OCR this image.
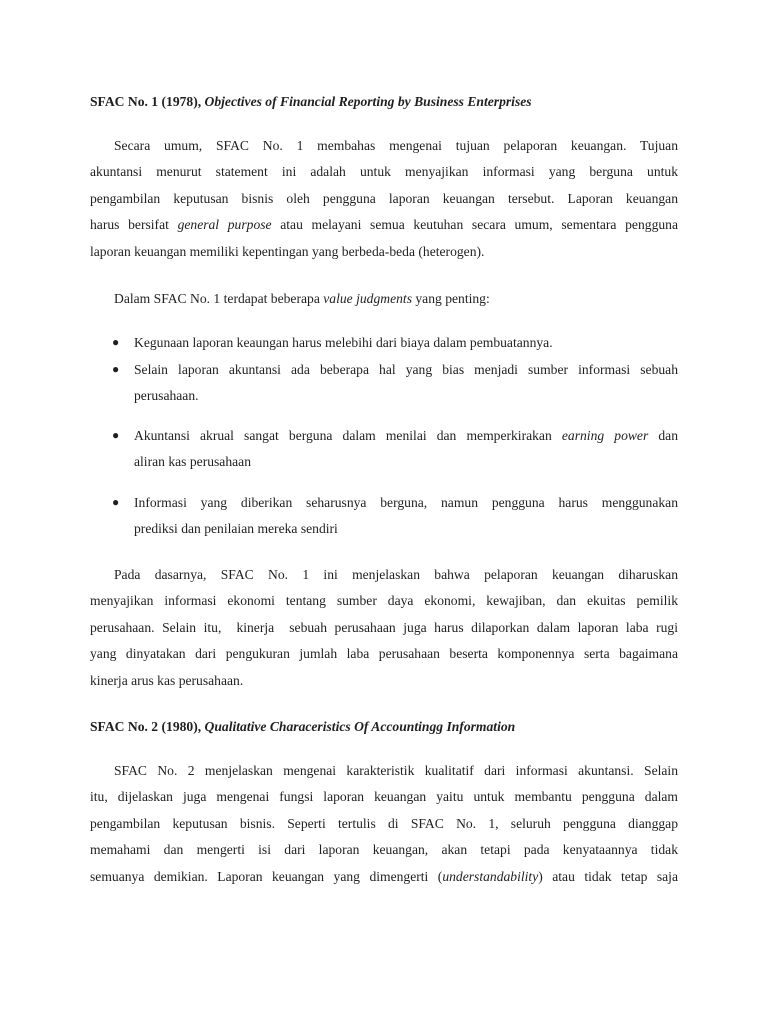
SFAC No. 1 (1978), Objectives of Financial Reporting by Business Enterprises
Secara umum, SFAC No. 1 membahas mengenai tujuan pelaporan keuangan. Tujuan
akuntansi menurut statement ini adalah untuk menyajikan informasi yang berguna untuk
pengambilan keputusan bisnis oleh pengguna laporan keuangan tersebut. Laporan keuangan
harus bersifat general purpose atau melayani semua keutuhan secara umum, sementara pengguna
laporan keuangan memiliki kepentingan yang berbeda-beda (heterogen).
Dalam SFAC No. 1 terdapat beberapa value judgments yang penting:
● Kegunaan laporan keaungan harus melebihi dari biaya dalam pembuatannya.
● Selain laporan akuntansi ada beberapa hal yang bias menjadi sumber informasi sebuah
perusahaan.
● Akuntansi akrual sangat berguna dalam menilai dan memperkirakan earning power dan
aliran kas perusahaan
● Informasi yang diberikan seharusnya berguna, namun pengguna harus menggunakan
prediksi dan penilaian mereka sendiri
Pada dasarnya, SFAC No. 1 ini menjelaskan bahwa pelaporan keuangan diharuskan
menyajikan informasi ekonomi tentang sumber daya ekonomi, kewajiban, dan ekuitas pemilik
perusahaan. Selain itu,  kinerja  sebuah perusahaan juga harus dilaporkan dalam laporan laba rugi
yang dinyatakan dari pengukuran jumlah laba perusahaan beserta komponennya serta bagaimana
kinerja arus kas perusahaan.
SFAC No. 2 (1980), Qualitative Characeristics Of Accountingg Information
SFAC No. 2 menjelaskan mengenai karakteristik kualitatif dari informasi akuntansi. Selain
itu, dijelaskan juga mengenai fungsi laporan keuangan yaitu untuk membantu pengguna dalam
pengambilan keputusan bisnis. Seperti tertulis di SFAC No. 1, seluruh pengguna dianggap
memahami dan mengerti isi dari laporan keuangan, akan tetapi pada kenyataannya tidak
semuanya demikian. Laporan keuangan yang dimengerti (understandability) atau tidak tetap saja
